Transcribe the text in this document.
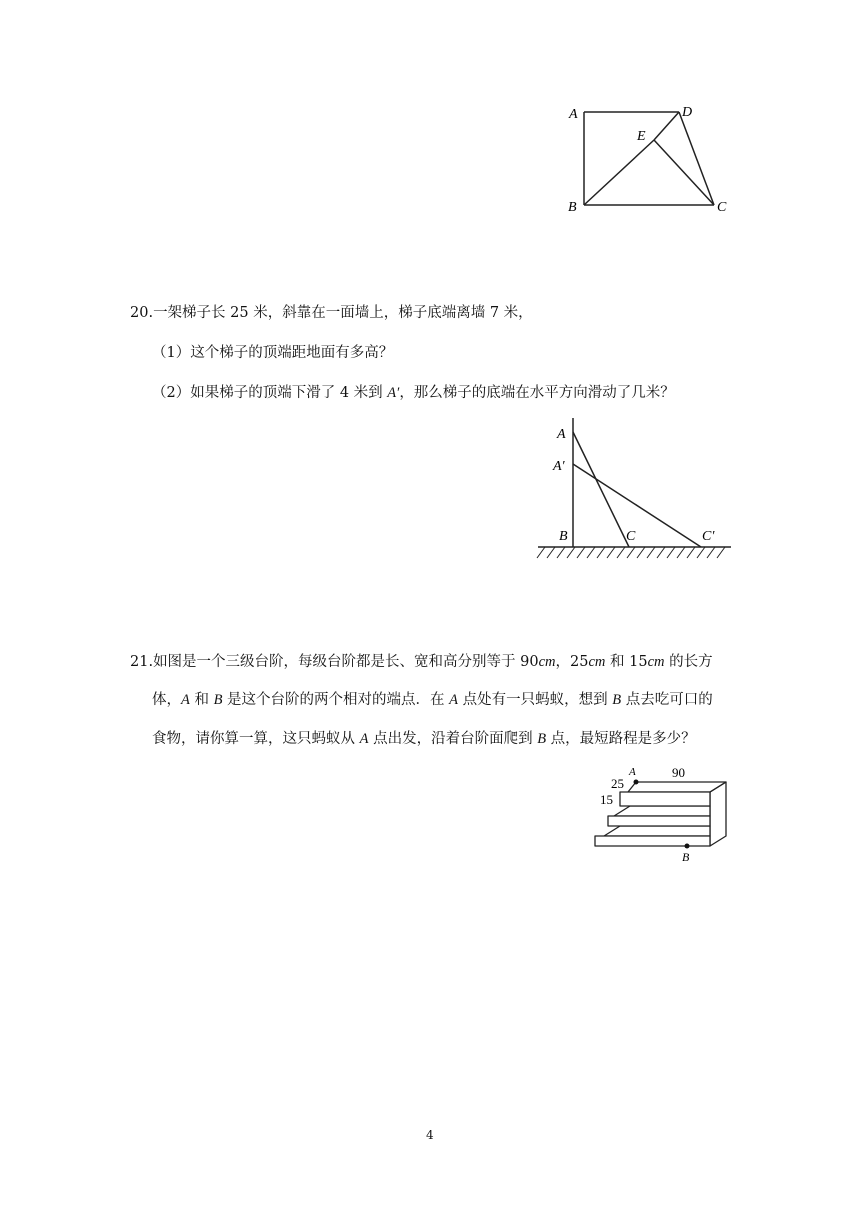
A
B	C
D
E
20.一架梯子长 25 米，斜靠在一面墙上，梯子底端离墙 7 米，
（1）这个梯子的顶端距地面有多高？
（2）如果梯子的顶端下滑了 4 米到 A′，那么梯子的底端在水平方向滑动了几米？
A
A′
B	C	C′
21.如图是一个三级台阶，每级台阶都是长、宽和高分别等于 90cm，25cm 和 15cm 的长方
体，A 和 B 是这个台阶的两个相对的端点．在 A 点处有一只蚂蚁，想到 B 点去吃可口的
食物，请你算一算，这只蚂蚁从 A 点出发，沿着台阶面爬到 B 点，最短路程是多少？
A
B
90
25
15
4
